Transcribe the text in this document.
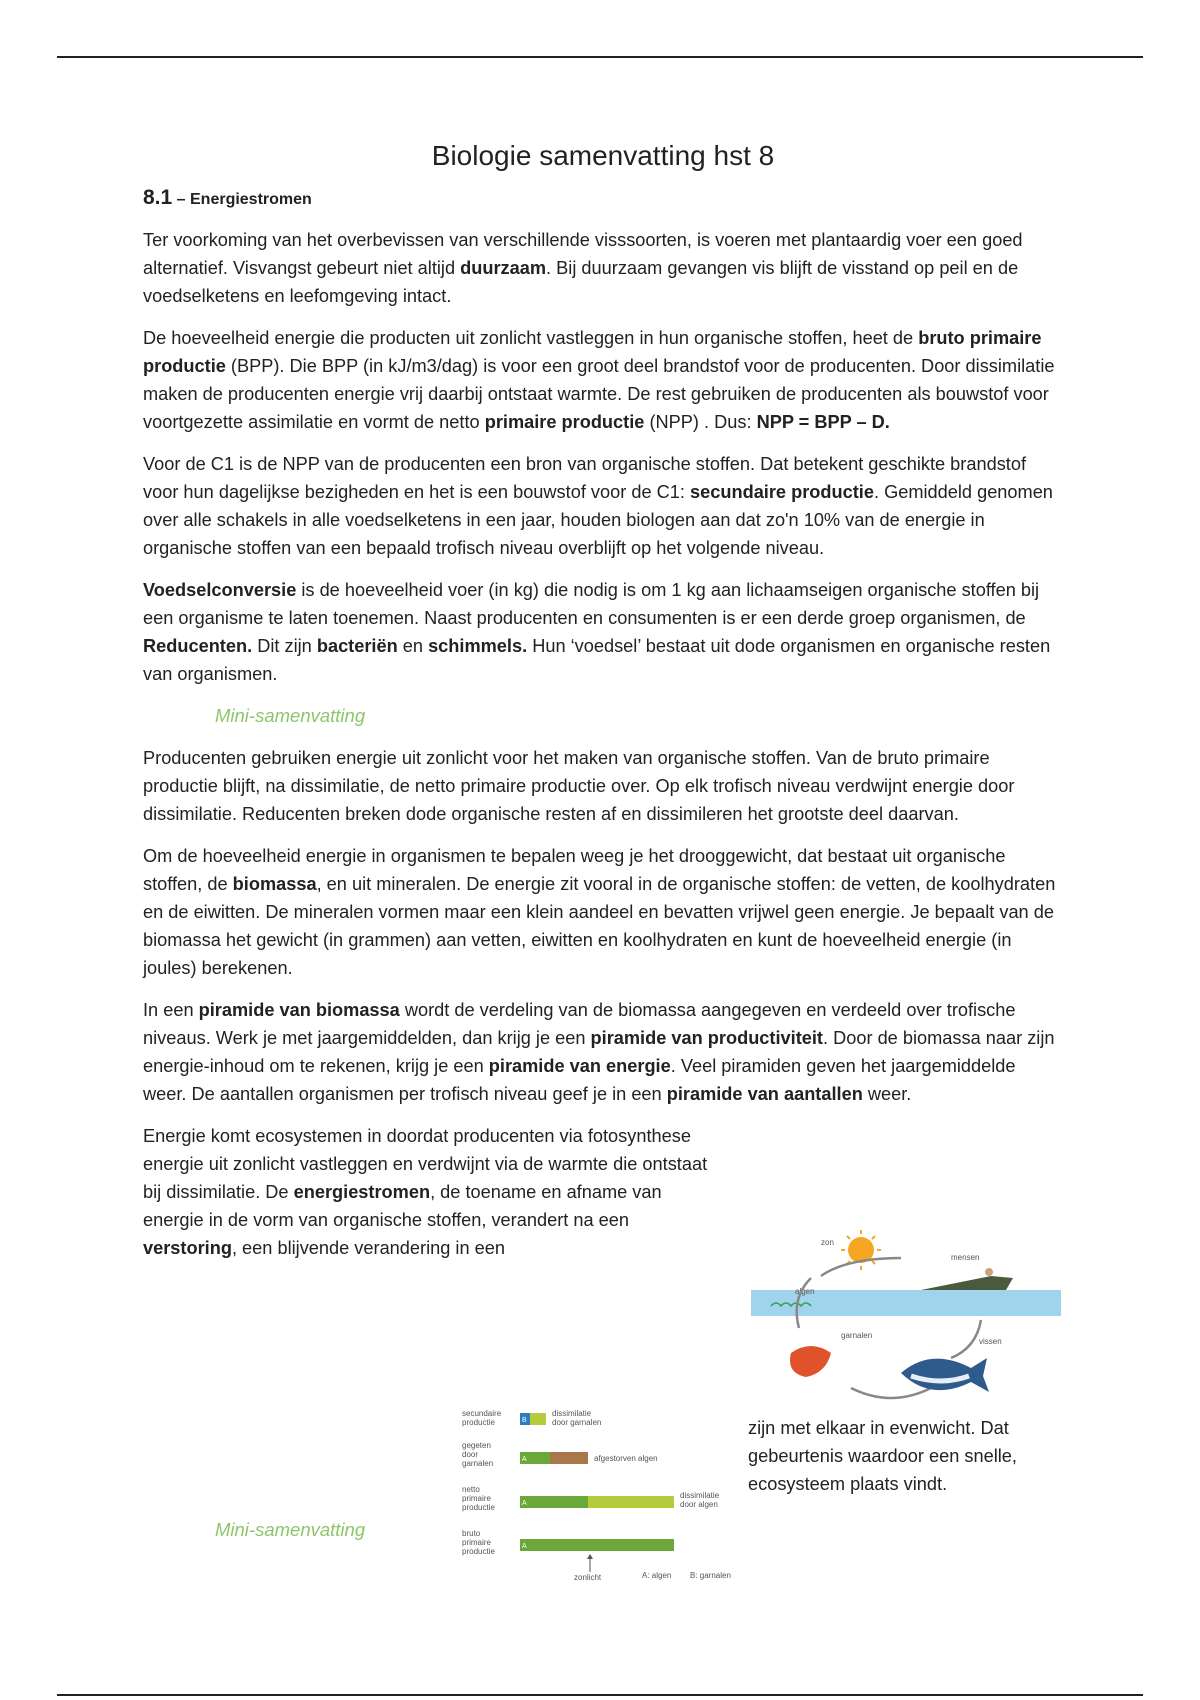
Biologie samenvatting hst 8
8.1 – Energiestromen

Ter voorkoming van het overbevissen van verschillende visssoorten, is voeren met plantaardig voer een goed alternatief. Visvangst gebeurt niet altijd duurzaam. Bij duurzaam gevangen vis blijft de visstand op peil en de voedselketens en leefomgeving intact.

De hoeveelheid energie die producten uit zonlicht vastleggen in hun organische stoffen, heet de bruto primaire productie (BPP). Die BPP (in kJ/m3/dag) is voor een groot deel brandstof voor de producenten. Door dissimilatie maken de producenten energie vrij daarbij ontstaat warmte. De rest gebruiken de producenten als bouwstof voor voortgezette assimilatie en vormt de netto primaire productie (NPP) . Dus: NPP = BPP – D.

Voor de C1 is de NPP van de producenten een bron van organische stoffen. Dat betekent geschikte brandstof voor hun dagelijkse bezigheden en het is een bouwstof voor de C1: secundaire productie. Gemiddeld genomen over alle schakels in alle voedselketens in een jaar, houden biologen aan dat zo'n 10% van de energie in organische stoffen van een bepaald trofisch niveau overblijft op het volgende niveau.

Voedselconversie is de hoeveelheid voer (in kg) die nodig is om 1 kg aan lichaamseigen organische stoffen bij een organisme te laten toenemen. Naast producenten en consumenten is er een derde groep organismen, de Reducenten. Dit zijn bacteriën en schimmels. Hun ‘voedsel’ bestaat uit dode organismen en organische resten van organismen.

Mini-samenvatting

Producenten gebruiken energie uit zonlicht voor het maken van organische stoffen. Van de bruto primaire productie blijft, na dissimilatie, de netto primaire productie over. Op elk trofisch niveau verdwijnt energie door dissimilatie. Reducenten breken dode organische resten af en dissimileren het grootste deel daarvan.

Om de hoeveelheid energie in organismen te bepalen weeg je het drooggewicht, dat bestaat uit organische stoffen, de biomassa, en uit mineralen. De energie zit vooral in de organische stoffen: de vetten, de koolhydraten en de eiwitten. De mineralen vormen maar een klein aandeel en bevatten vrijwel geen energie. Je bepaalt van de biomassa het gewicht (in grammen) aan vetten, eiwitten en koolhydraten en kunt de hoeveelheid energie (in joules) berekenen.

In een piramide van biomassa wordt de verdeling van de biomassa aangegeven en verdeeld over trofische niveaus. Werk je met jaargemiddelden, dan krijg je een piramide van productiviteit. Door de biomassa naar zijn energie-inhoud om te rekenen, krijg je een piramide van energie. Veel piramiden geven het jaargemiddelde weer. De aantallen organismen per trofisch niveau geef je in een piramide van aantallen weer.

Energie komt ecosystemen in doordat producenten via fotosynthese energie uit zonlicht vastleggen en verdwijnt via de warmte die ontstaat bij dissimilatie. De energiestromen, de toename en afname van energie in de vorm van organische stoffen, verandert na een verstoring, een blijvende verandering in een

zijn met elkaar in evenwicht. Dat gebeurtenis waardoor een snelle, ecosysteem plaats vindt.

Mini-samenvatting
zon
mensen
algen
garnalen
vissen
secundaire
productie
gegeten
door
garnalen
netto
primaire
productie
bruto
primaire
productie
B
dissimilatie
door garnalen
A	afgestorven algen
A
dissimilatie
door algen
A
zonlicht	A: algen B: garnalen
